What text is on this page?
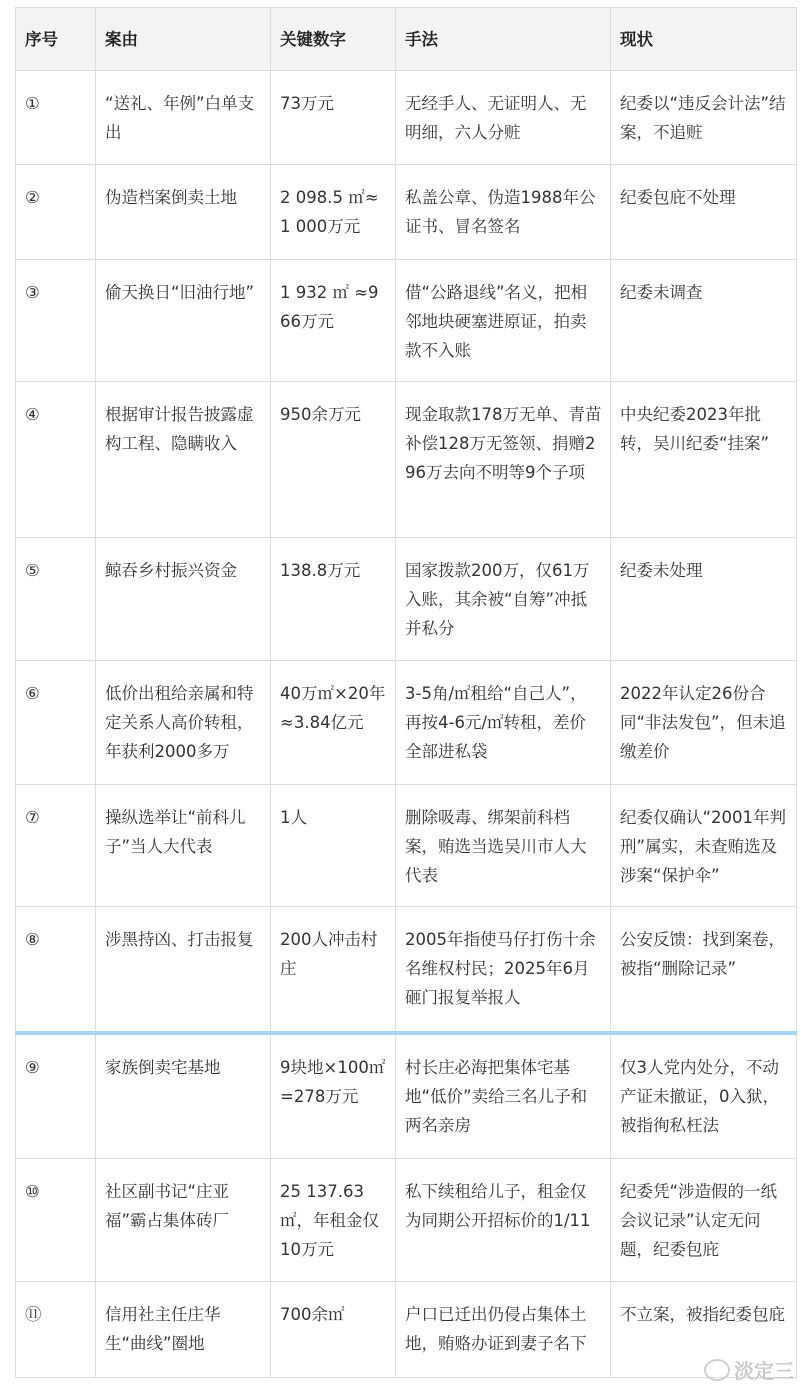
序号	案由	关键数字	手法	现状
①	“送礼、年例”白单支出	73万元	无经手人、无证明人、无明细，六人分赃	纪委以“违反会计法”结案，不追赃
②	伪造档案倒卖土地	2 098.5 ㎡≈1 000万元	私盖公章、伪造1988年公证书、冒名签名	纪委包庇不处理
③	偷天换日“旧油行地”	1 932 ㎡ ≈966万元	借“公路退线”名义，把相邻地块硬塞进原证，拍卖款不入账	纪委未调查
④	根据审计报告披露虚构工程、隐瞒收入	950余万元	现金取款178万无单、青苗补偿128万无签领、捐赠296万去向不明等9个子项	中央纪委2023年批转，吴川纪委“挂案”
⑤	鲸吞乡村振兴资金	138.8万元	国家拨款200万，仅61万入账，其余被“自筹”冲抵并私分	纪委未处理
⑥	低价出租给亲属和特定关系人高价转租，年获利2000多万	40万㎡×20年≈3.84亿元	3-5角/㎡租给“自己人”，再按4-6元/㎡转租，差价全部进私袋	2022年认定26份合同“非法发包”，但未追缴差价
⑦	操纵选举让“前科儿子”当人大代表	1人	删除吸毒、绑架前科档案，贿选当选吴川市人大代表	纪委仅确认“2001年判刑”属实，未查贿选及涉案“保护伞”
⑧	涉黑持凶、打击报复	200人冲击村庄	2005年指使马仔打伤十余名维权村民；2025年6月砸门报复举报人	公安反馈：找到案卷，被指“删除记录”
⑨	家族倒卖宅基地	9块地×100㎡=278万元	村长庄必海把集体宅基地“低价”卖给三名儿子和两名亲房	仅3人党内处分，不动产证未撤证，0入狱，被指徇私枉法
⑩	社区副书记“庄亚福”霸占集体砖厂	25 137.63 ㎡，年租金仅10万元	私下续租给儿子，租金仅为同期公开招标价的1/11	纪委凭“涉造假的一纸会议记录”认定无问题，纪委包庇
⑪	信用社主任庄华生“曲线”圈地	700余㎡	户口已迁出仍侵占集体土地，贿赂办证到妻子名下	不立案，被指纪委包庇
淡定三
